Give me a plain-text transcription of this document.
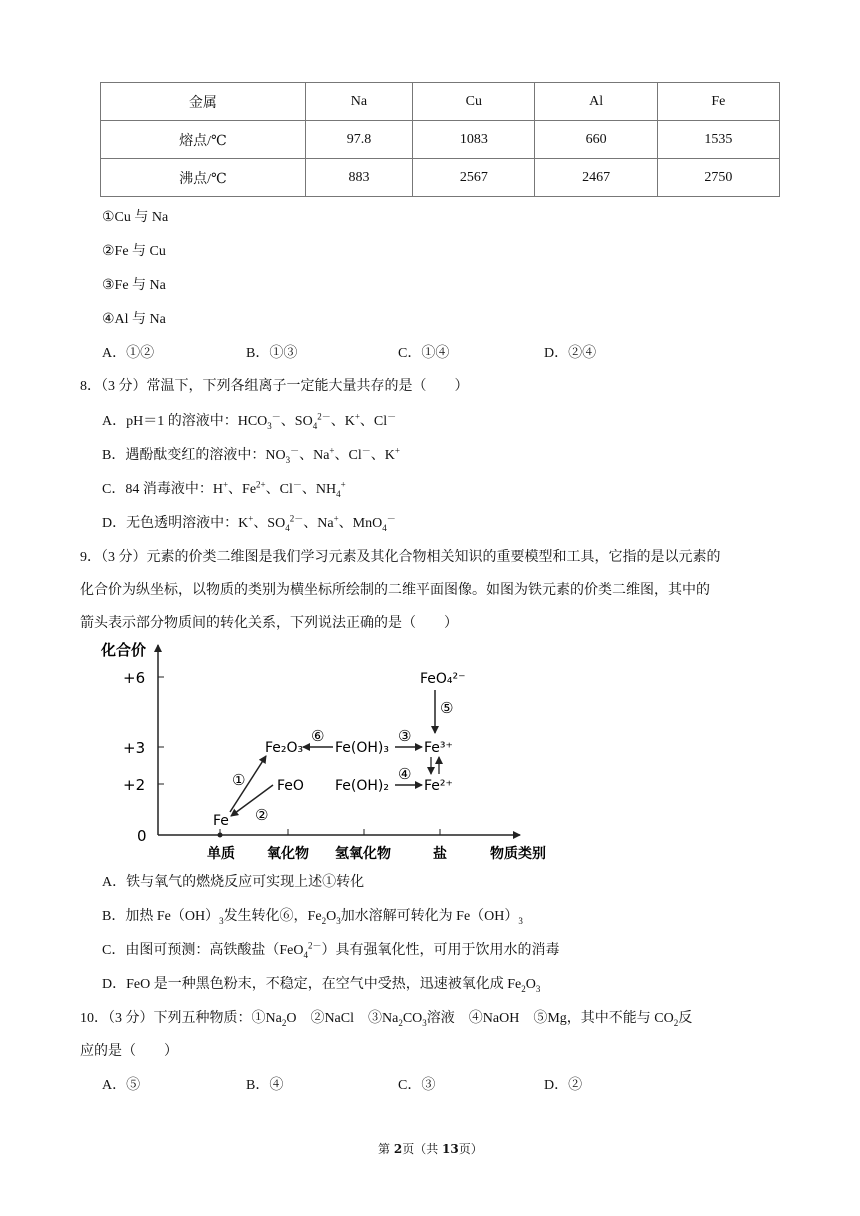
金属	Na	Cu	Al	Fe
熔点/℃	97.8	1083	660	1535
沸点/℃	883	2567	2467	2750
①Cu 与 Na
②Fe 与 Cu
③Fe 与 Na
④Al 与 Na
A．①②	B．①③	C．①④	D．②④
8．（3 分）常温下，下列各组离子一定能大量共存的是（　　）
A．pH＝1 的溶液中：$HCO_3^-$、$SO_4^{2-}$、K+、Cl－
B．遇酚酞变红的溶液中：$NO_3^-$、Na+、Cl－、K+
C．84 消毒液中：H+、$Fe^{2+}$、Cl－、$NH_4^+$
D．无色透明溶液中：K+、$SO_4^{2-}$、Na+、MnO$_4$－
9．（3 分）元素的价类二维图是我们学习元素及其化合物相关知识的重要模型和工具，它指的是以元素的
化合价为纵坐标，以物质的类别为横坐标所绘制的二维平面图像。如图为铁元素的价类二维图，其中的
箭头表示部分物质间的转化关系，下列说法正确的是（　　）
化合价
+6
+3
+2
0
单质 氧化物 氢氧化物	盐	物质类别
Fe
FeO
Fe₂O₃ Fe(OH)₃
Fe(OH)₂
Fe³⁺
Fe²⁺
FeO₄²⁻
①
②
③
④
⑤
⑥
A．铁与氧气的燃烧反应可实现上述①转化
B．加热 $Fe(OH)_3$发生转化⑥，$Fe_2O_3$加水溶解可转化为 $Fe(OH)_3$
C．由图可预测：高铁酸盐（FeO$_4^{2-}$）具有强氧化性，可用于饮用水的消毒
D．FeO 是一种黑色粉末，不稳定，在空气中受热，迅速被氧化成 $Fe_2O_3$
10．（3 分）下列五种物质：$①Na_2O$　②NaCl　$③Na_2CO_3$溶液　④NaOH　⑤Mg，其中不能与 $CO_2$反
应的是（　　）
A．⑤	B．④	C．③	D．②
第 2页（共 13页）
